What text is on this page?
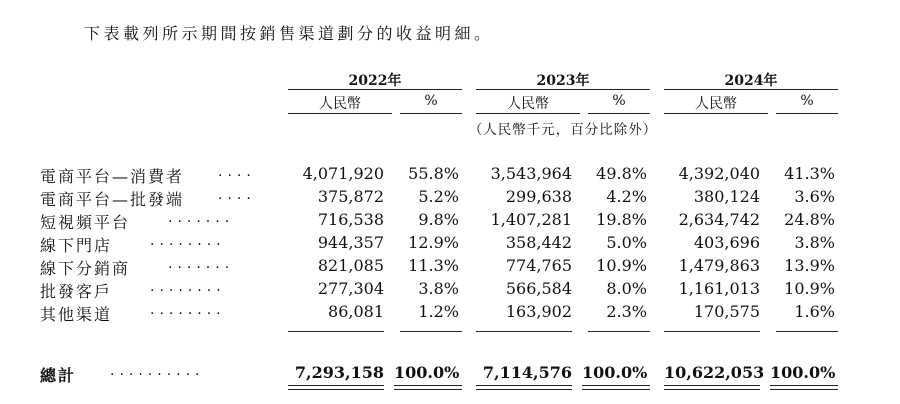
下表載列所示期間按銷售渠道劃分的收益明細。
2022年	2023年	2024年
人民幣	%	人民幣	%	人民幣	%
（人民幣千元，百分比除外）
電商平台—消費者 ....	4,071,920	55.8%	3,543,964	49.8%	4,392,040	41.3%
電商平台—批發端 ....	375,872	5.2%	299,638	4.2%	380,124	3.6%
短視頻平台	.......	716,538	9.8%	1,407,281	19.8%	2,634,742	24.8%
線下門店	........	944,357	12.9%	358,442	5.0%	403,696	3.8%
線下分銷商	.......	821,085	11.3%	774,765	10.9%	1,479,863	13.9%
批發客戶	........	277,304	3.8%	566,584	8.0%	1,161,013	10.9%
其他渠道	........	86,081	1.2%	163,902	2.3%	170,575	1.6%
總計 ..........	7,293,158 100.0%	7,114,576 100.0% 10,622,053 100.0%
